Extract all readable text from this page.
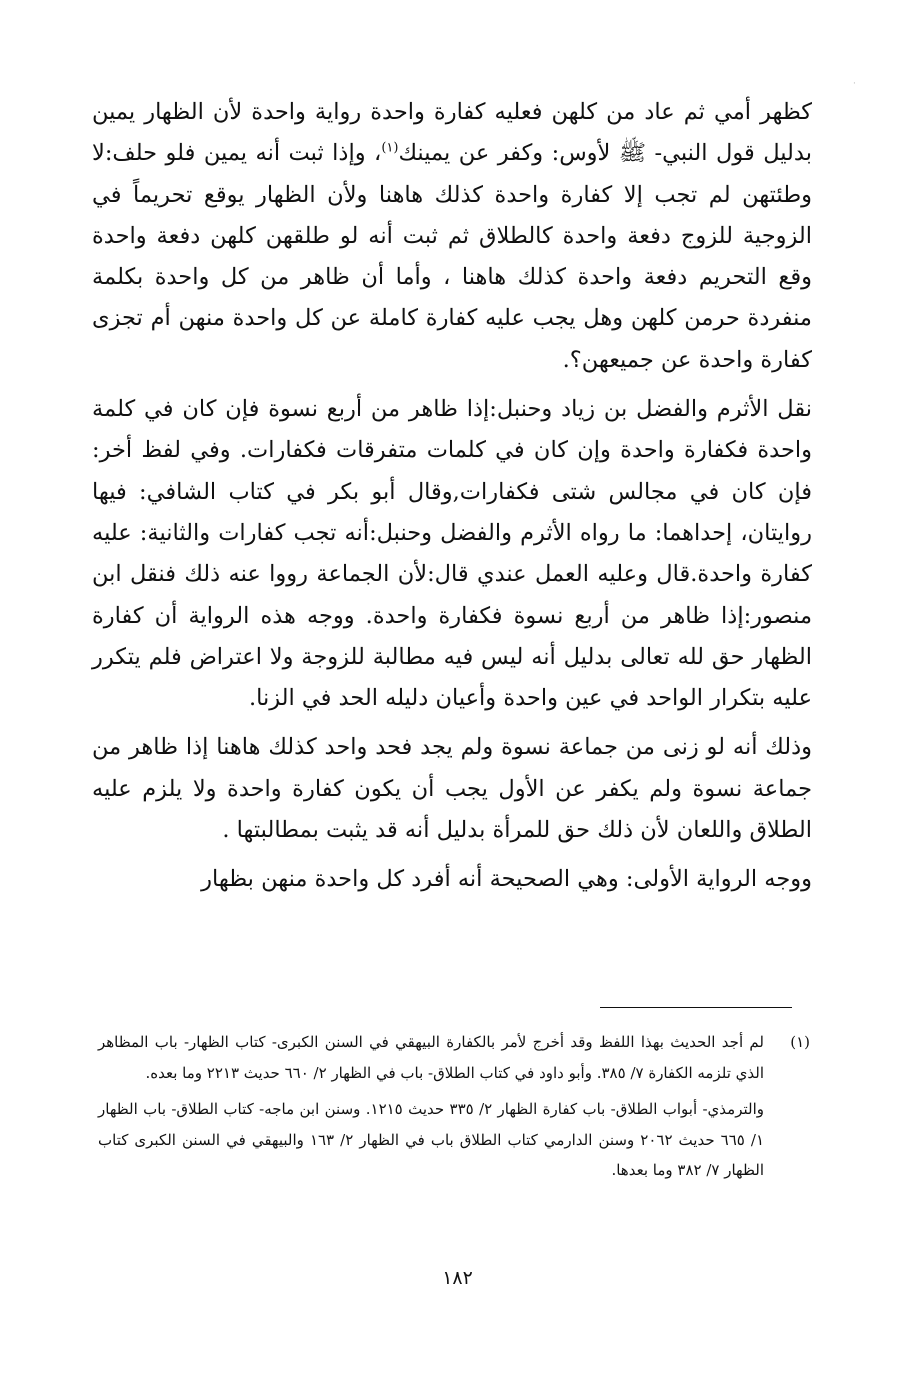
·

كظهر أمي ثم عاد من كلهن فعليه كفارة واحدة رواية واحدة لأن الظهار يمين بدليل قول النبي- ﷺ لأوس: وكفر عن يمينك$^{(١)}$، وإذا ثبت أنه يمين فلو حلف:لا وطئتهن لم تجب إلا كفارة واحدة كذلك هاهنا ولأن الظهار يوقع تحريماً في الزوجية للزوج دفعة واحدة كالطلاق ثم ثبت أنه لو طلقهن كلهن دفعة واحدة وقع التحريم دفعة واحدة كذلك هاهنا ، وأما أن ظاهر من كل واحدة بكلمة منفردة حرمن كلهن وهل يجب عليه كفارة كاملة عن كل واحدة منهن أم تجزى كفارة واحدة عن جميعهن؟.

نقل الأثرم والفضل بن زياد وحنبل:إذا ظاهر من أربع نسوة فإن كان في كلمة واحدة فكفارة واحدة وإن كان في كلمات متفرقات فكفارات. وفي لفظ أخر: فإن كان في مجالس شتى فكفارات,وقال أبو بكر في كتاب الشافي: فيها روايتان، إحداهما: ما رواه الأثرم والفضل وحنبل:أنه تجب كفارات والثانية: عليه كفارة واحدة.قال وعليه العمل عندي قال:لأن الجماعة رووا عنه ذلك فنقل ابن منصور:إذا ظاهر من أربع نسوة فكفارة واحدة. ووجه هذه الرواية أن كفارة الظهار حق لله تعالى بدليل أنه ليس فيه مطالبة للزوجة ولا اعتراض فلم يتكرر عليه بتكرار الواحد في عين واحدة وأعيان دليله الحد في الزنا.

وذلك أنه لو زنى من جماعة نسوة ولم يجد فحد واحد كذلك هاهنا إذا ظاهر من جماعة نسوة ولم يكفر عن الأول يجب أن يكون كفارة واحدة ولا يلزم عليه الطلاق واللعان لأن ذلك حق للمرأة بدليل أنه قد يثبت بمطالبتها .

ووجه الرواية الأولى: وهي الصحيحة أنه أفرد كل واحدة منهن بظهار

(١)

لم أجد الحديث بهذا اللفظ وقد أخرج لأمر بالكفارة البيهقي في السنن الكبرى- كتاب الظهار- باب المظاهر الذي تلزمه الكفارة ٧/ ٣٨٥. وأبو داود في كتاب الطلاق- باب في الظهار ٢/ ٦٦٠ حديث ٢٢١٣ وما بعده.

والترمذي- أبواب الطلاق- باب كفارة الظهار ٢/ ٣٣٥ حديث ١٢١٥. وسنن ابن ماجه- كتاب الطلاق- باب الظهار ١/ ٦٦٥ حديث ٢٠٦٢ وسنن الدارمي كتاب الطلاق باب في الظهار ٢/ ١٦٣ والبيهقي في السنن الكبرى كتاب الظهار ٧/ ٣٨٢ وما بعدها.

١٨٢
